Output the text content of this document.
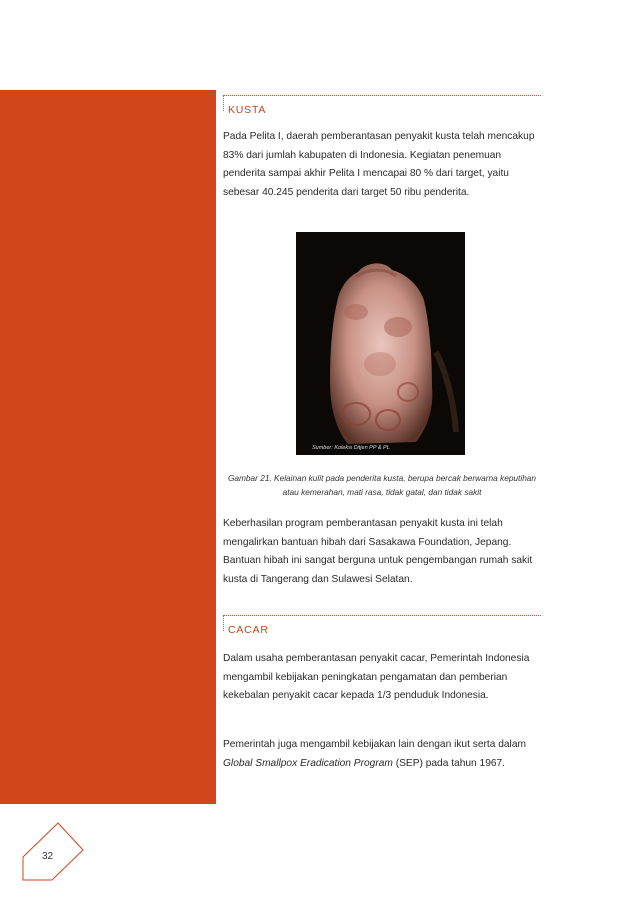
KUSTA

Pada Pelita I, daerah pemberantasan penyakit kusta telah mencakup 83% dari jumlah kabupaten di Indonesia. Kegiatan penemuan penderita sampai akhir Pelita I mencapai 80 % dari target, yaitu sebesar 40.245 penderita dari target 50 ribu penderita.

Sumber: Koleksi Ditjen PP & PL

Gambar 21. Kelainan kulit pada penderita kusta, berupa bercak berwarna keputihan atau kemerahan, mati rasa, tidak gatal, dan tidak sakit

Keberhasilan program pemberantasan penyakit kusta ini telah mengalirkan bantuan hibah dari Sasakawa Foundation, Jepang. Bantuan hibah ini sangat berguna untuk pengembangan rumah sakit kusta di Tangerang dan Sulawesi Selatan.

CACAR

Dalam usaha pemberantasan penyakit cacar, Pemerintah Indonesia mengambil kebijakan peningkatan pengamatan dan pemberian kekebalan penyakit cacar kepada 1/3 penduduk Indonesia.

Pemerintah juga mengambil kebijakan lain dengan ikut serta dalam Global Smallpox Eradication Program (SEP) pada tahun 1967.

32
